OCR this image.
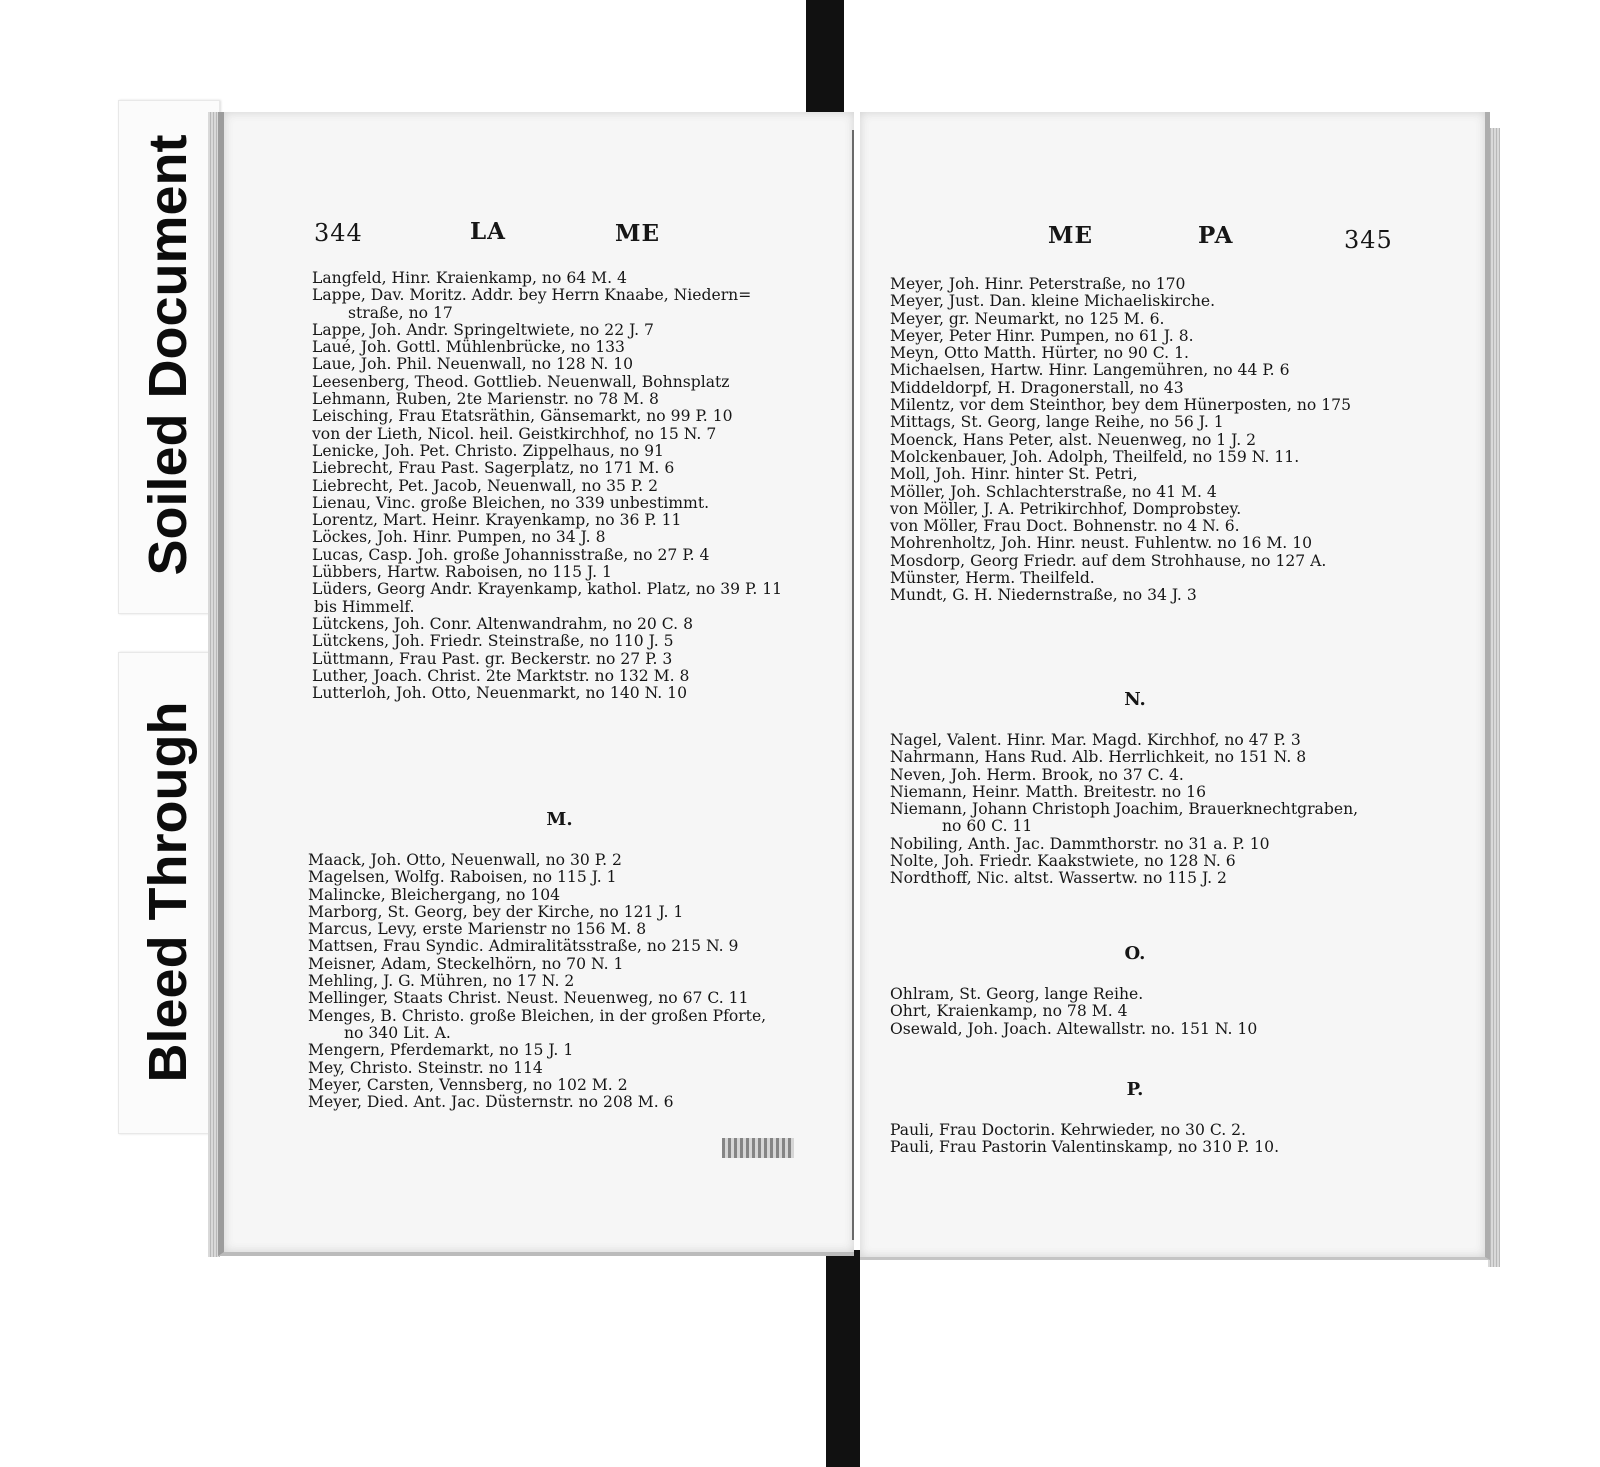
Soiled Document
Bleed Through
344	LA	ME	ME	PA	345
Langfeld, Hinr. Kraienkamp, no 64 M. 4
Lappe, Dav. Moritz. Addr. bey Herrn Knaabe, Niedern=
straße, no 17
Lappe, Joh. Andr. Springeltwiete, no 22 J. 7
Laué, Joh. Gottl. Mühlenbrücke, no 133
Laue, Joh. Phil. Neuenwall, no 128 N. 10
Leesenberg, Theod. Gottlieb. Neuenwall, Bohnsplatz
Lehmann, Ruben, 2te Marienstr. no 78 M. 8
Leisching, Frau Etatsräthin, Gänsemarkt, no 99 P. 10
von der Lieth, Nicol. heil. Geistkirchhof, no 15 N. 7
Lenicke, Joh. Pet. Christo. Zippelhaus, no 91
Liebrecht, Frau Past. Sagerplatz, no 171 M. 6
Liebrecht, Pet. Jacob, Neuenwall, no 35 P. 2
Lienau, Vinc. große Bleichen, no 339 unbestimmt.
Lorentz, Mart. Heinr. Krayenkamp, no 36 P. 11
Löckes, Joh. Hinr. Pumpen, no 34 J. 8
Lucas, Casp. Joh. große Johannisstraße, no 27 P. 4
Lübbers, Hartw. Raboisen, no 115 J. 1
Lüders, Georg Andr. Krayenkamp, kathol. Platz, no 39 P. 11
bis Himmelf.
Lütckens, Joh. Conr. Altenwandrahm, no 20 C. 8
Lütckens, Joh. Friedr. Steinstraße, no 110 J. 5
Lüttmann, Frau Past. gr. Beckerstr. no 27 P. 3
Luther, Joach. Christ. 2te Marktstr. no 132 M. 8
Lutterloh, Joh. Otto, Neuenmarkt, no 140 N. 10
M.
Maack, Joh. Otto, Neuenwall, no 30 P. 2
Magelsen, Wolfg. Raboisen, no 115 J. 1
Malincke, Bleichergang, no 104
Marborg, St. Georg, bey der Kirche, no 121 J. 1
Marcus, Levy, erste Marienstr no 156 M. 8
Mattsen, Frau Syndic. Admiralitätsstraße, no 215 N. 9
Meisner, Adam, Steckelhörn, no 70 N. 1
Mehling, J. G. Mühren, no 17 N. 2
Mellinger, Staats Christ. Neust. Neuenweg, no 67 C. 11
Menges, B. Christo. große Bleichen, in der großen Pforte,
no 340 Lit. A.
Mengern, Pferdemarkt, no 15 J. 1
Mey, Christo. Steinstr. no 114
Meyer, Carsten, Vennsberg, no 102 M. 2
Meyer, Died. Ant. Jac. Düsternstr. no 208 M. 6
Meyer, Joh. Hinr. Peterstraße, no 170
Meyer, Just. Dan. kleine Michaeliskirche.
Meyer, gr. Neumarkt, no 125 M. 6.
Meyer, Peter Hinr. Pumpen, no 61 J. 8.
Meyn, Otto Matth. Hürter, no 90 C. 1.
Michaelsen, Hartw. Hinr. Langemühren, no 44 P. 6
Middeldorpf, H. Dragonerstall, no 43
Milentz, vor dem Steinthor, bey dem Hünerposten, no 175
Mittags, St. Georg, lange Reihe, no 56 J. 1
Moenck, Hans Peter, alst. Neuenweg, no 1 J. 2
Molckenbauer, Joh. Adolph, Theilfeld, no 159 N. 11.
Moll, Joh. Hinr. hinter St. Petri,
Möller, Joh. Schlachterstraße, no 41 M. 4
von Möller, J. A. Petrikirchhof, Domprobstey.
von Möller, Frau Doct. Bohnenstr. no 4 N. 6.
Mohrenholtz, Joh. Hinr. neust. Fuhlentw. no 16 M. 10
Mosdorp, Georg Friedr. auf dem Strohhause, no 127 A.
Münster, Herm. Theilfeld.
Mundt, G. H. Niedernstraße, no 34 J. 3
N.
Nagel, Valent. Hinr. Mar. Magd. Kirchhof, no 47 P. 3
Nahrmann, Hans Rud. Alb. Herrlichkeit, no 151 N. 8
Neven, Joh. Herm. Brook, no 37 C. 4.
Niemann, Heinr. Matth. Breitestr. no 16
Niemann, Johann Christoph Joachim, Brauerknechtgraben,
no 60 C. 11
Nobiling, Anth. Jac. Dammthorstr. no 31 a. P. 10
Nolte, Joh. Friedr. Kaakstwiete, no 128 N. 6
Nordthoff, Nic. altst. Wassertw. no 115 J. 2
O.
Ohlram, St. Georg, lange Reihe.
Ohrt, Kraienkamp, no 78 M. 4
Osewald, Joh. Joach. Altewallstr. no. 151 N. 10
P.
Pauli, Frau Doctorin. Kehrwieder, no 30 C. 2.
Pauli, Frau Pastorin Valentinskamp, no 310 P. 10.
